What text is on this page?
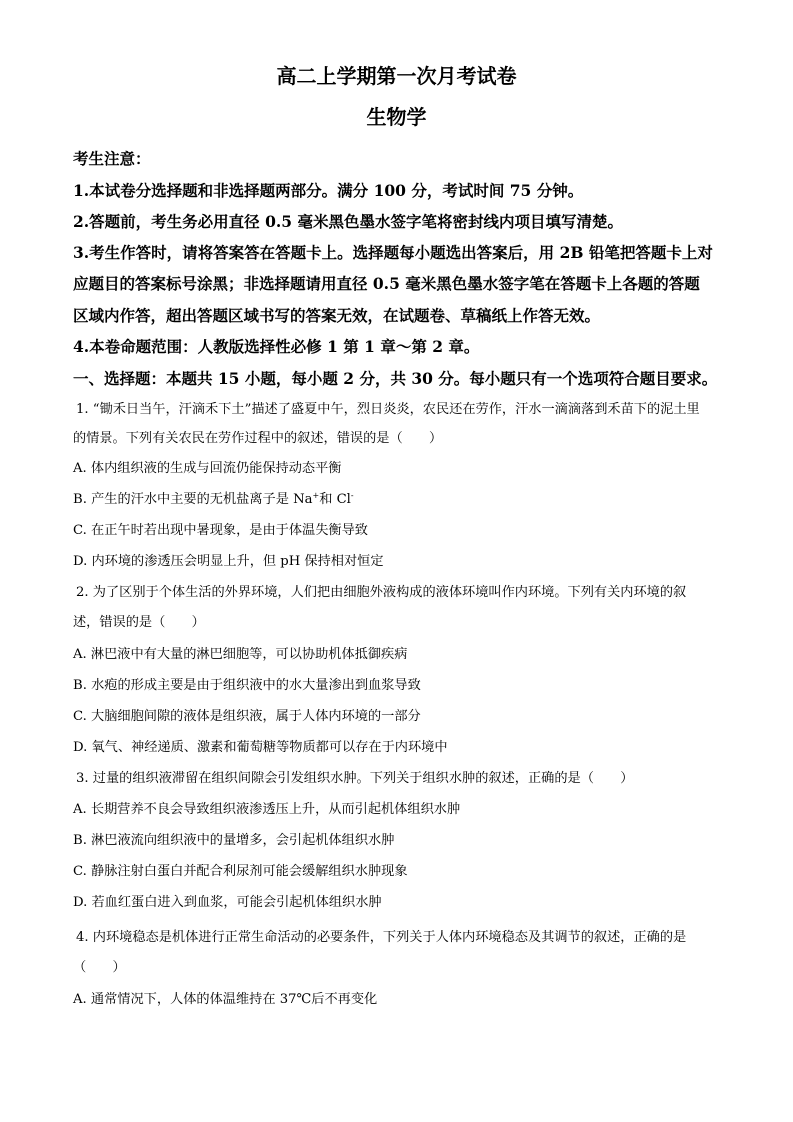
高二上学期第一次月考试卷
生物学
考生注意：
1.本试卷分选择题和非选择题两部分。满分 100 分，考试时间 75 分钟。
2.答题前，考生务必用直径 0.5 毫米黑色墨水签字笔将密封线内项目填写清楚。
3.考生作答时，请将答案答在答题卡上。选择题每小题选出答案后，用 2B 铅笔把答题卡上对
应题目的答案标号涂黑；非选择题请用直径 0.5 毫米黑色墨水签字笔在答题卡上各题的答题
区域内作答，超出答题区域书写的答案无效，在试题卷、草稿纸上作答无效。
4.本卷命题范围：人教版选择性必修 1 第 1 章～第 2 章。
一、选择题：本题共 15 小题，每小题 2 分，共 30 分。每小题只有一个选项符合题目要求。
1. “锄禾日当午，汗滴禾下土”描述了盛夏中午，烈日炎炎，农民还在劳作，汗水一滴滴落到禾苗下的泥土里
的情景。下列有关农民在劳作过程中的叙述，错误的是（　　）
A. 体内组织液的生成与回流仍能保持动态平衡
B. 产生的汗水中主要的无机盐离子是 Na+和 Cl-
C. 在正午时若出现中暑现象，是由于体温失衡导致
D. 内环境的渗透压会明显上升，但 pH 保持相对恒定
2. 为了区别于个体生活的外界环境，人们把由细胞外液构成的液体环境叫作内环境。下列有关内环境的叙
述，错误的是（　　）
A. 淋巴液中有大量的淋巴细胞等，可以协助机体抵御疾病
B. 水疱的形成主要是由于组织液中的水大量渗出到血浆导致
C. 大脑细胞间隙的液体是组织液，属于人体内环境的一部分
D. 氧气、神经递质、激素和葡萄糖等物质都可以存在于内环境中
3. 过量的组织液滞留在组织间隙会引发组织水肿。下列关于组织水肿的叙述，正确的是（　　）
A. 长期营养不良会导致组织液渗透压上升，从而引起机体组织水肿
B. 淋巴液流向组织液中的量增多，会引起机体组织水肿
C. 静脉注射白蛋白并配合利尿剂可能会缓解组织水肿现象
D. 若血红蛋白进入到血浆，可能会引起机体组织水肿
4. 内环境稳态是机体进行正常生命活动的必要条件，下列关于人体内环境稳态及其调节的叙述，正确的是
（　　）
A. 通常情况下，人体的体温维持在 37℃后不再变化
